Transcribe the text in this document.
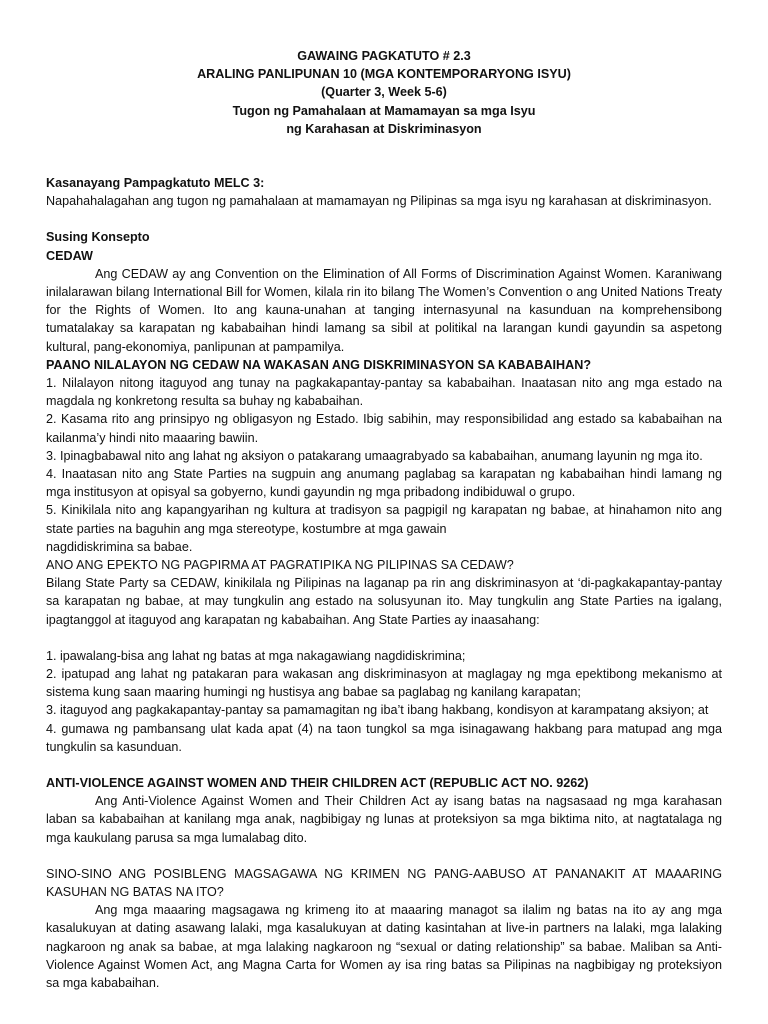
GAWAING PAGKATUTO # 2.3
ARALING PANLIPUNAN 10 (MGA KONTEMPORARYONG ISYU)
(Quarter 3, Week 5-6)
Tugon ng Pamahalaan at Mamamayan sa mga Isyu
ng Karahasan at Diskriminasyon
Kasanayang Pampagkatuto MELC 3:

Napahahalagahan ang tugon ng pamahalaan at mamamayan ng Pilipinas sa mga isyu ng karahasan at diskriminasyon.

Susing Konsepto
CEDAW

Ang CEDAW ay ang Convention on the Elimination of All Forms of Discrimination Against Women. Karaniwang inilalarawan bilang International Bill for Women, kilala rin ito bilang The Women’s Convention o ang United Nations Treaty for the Rights of Women. Ito ang kauna-unahan at tanging internasyunal na kasunduan na komprehensibong tumatalakay sa karapatan ng kababaihan hindi lamang sa sibil at politikal na larangan kundi gayundin sa aspetong kultural, pang-ekonomiya, panlipunan at pampamilya.

PAANO NILALAYON NG CEDAW NA WAKASAN ANG DISKRIMINASYON SA KABABAIHAN?

1. Nilalayon nitong itaguyod ang tunay na pagkakapantay-pantay sa kababaihan. Inaatasan nito ang mga estado na magdala ng konkretong resulta sa buhay ng kababaihan.

2. Kasama rito ang prinsipyo ng obligasyon ng Estado. Ibig sabihin, may responsibilidad ang estado sa kababaihan na kailanma’y hindi nito maaaring bawiin.

3. Ipinagbabawal nito ang lahat ng aksiyon o patakarang umaagrabyado sa kababaihan, anumang layunin ng mga ito.

4. Inaatasan nito ang State Parties na sugpuin ang anumang paglabag sa karapatan ng kababaihan hindi lamang ng mga institusyon at opisyal sa gobyerno, kundi gayundin ng mga pribadong indibiduwal o grupo.

5. Kinikilala nito ang kapangyarihan ng kultura at tradisyon sa pagpigil ng karapatan ng babae, at hinahamon nito ang state parties na baguhin ang mga stereotype, kostumbre at mga gawain

nagdidiskrimina sa babae.
ANO ANG EPEKTO NG PAGPIRMA AT PAGRATIPIKA NG PILIPINAS SA CEDAW?

Bilang State Party sa CEDAW, kinikilala ng Pilipinas na laganap pa rin ang diskriminasyon at ‘di-pagkakapantay-pantay sa karapatan ng babae, at may tungkulin ang estado na solusyunan ito. May tungkulin ang State Parties na igalang, ipagtanggol at itaguyod ang karapatan ng kababaihan. Ang State Parties ay inaasahang:

1. ipawalang-bisa ang lahat ng batas at mga nakagawiang nagdidiskrimina;

2. ipatupad ang lahat ng patakaran para wakasan ang diskriminasyon at maglagay ng mga epektibong mekanismo at sistema kung saan maaring humingi ng hustisya ang babae sa paglabag ng kanilang karapatan;

3. itaguyod ang pagkakapantay-pantay sa pamamagitan ng iba’t ibang hakbang, kondisyon at karampatang aksiyon; at

4. gumawa ng pambansang ulat kada apat (4) na taon tungkol sa mga isinagawang hakbang para matupad ang mga tungkulin sa kasunduan.

ANTI-VIOLENCE AGAINST WOMEN AND THEIR CHILDREN ACT (REPUBLIC ACT NO. 9262)

Ang Anti-Violence Against Women and Their Children Act ay isang batas na nagsasaad ng mga karahasan laban sa kababaihan at kanilang mga anak, nagbibigay ng lunas at proteksiyon sa mga biktima nito, at nagtatalaga ng mga kaukulang parusa sa mga lumalabag dito.

SINO-SINO ANG POSIBLENG MAGSAGAWA NG KRIMEN NG PANG-AABUSO AT PANANAKIT AT MAAARING KASUHAN NG BATAS NA ITO?

Ang mga maaaring magsagawa ng krimeng ito at maaaring managot sa ilalim ng batas na ito ay ang mga kasalukuyan at dating asawang lalaki, mga kasalukuyan at dating kasintahan at live-in partners na lalaki, mga lalaking nagkaroon ng anak sa babae, at mga lalaking nagkaroon ng “sexual or dating relationship” sa babae. Maliban sa Anti-Violence Against Women Act, ang Magna Carta for Women ay isa ring batas sa Pilipinas na nagbibigay ng proteksiyon sa mga kababaihan.
